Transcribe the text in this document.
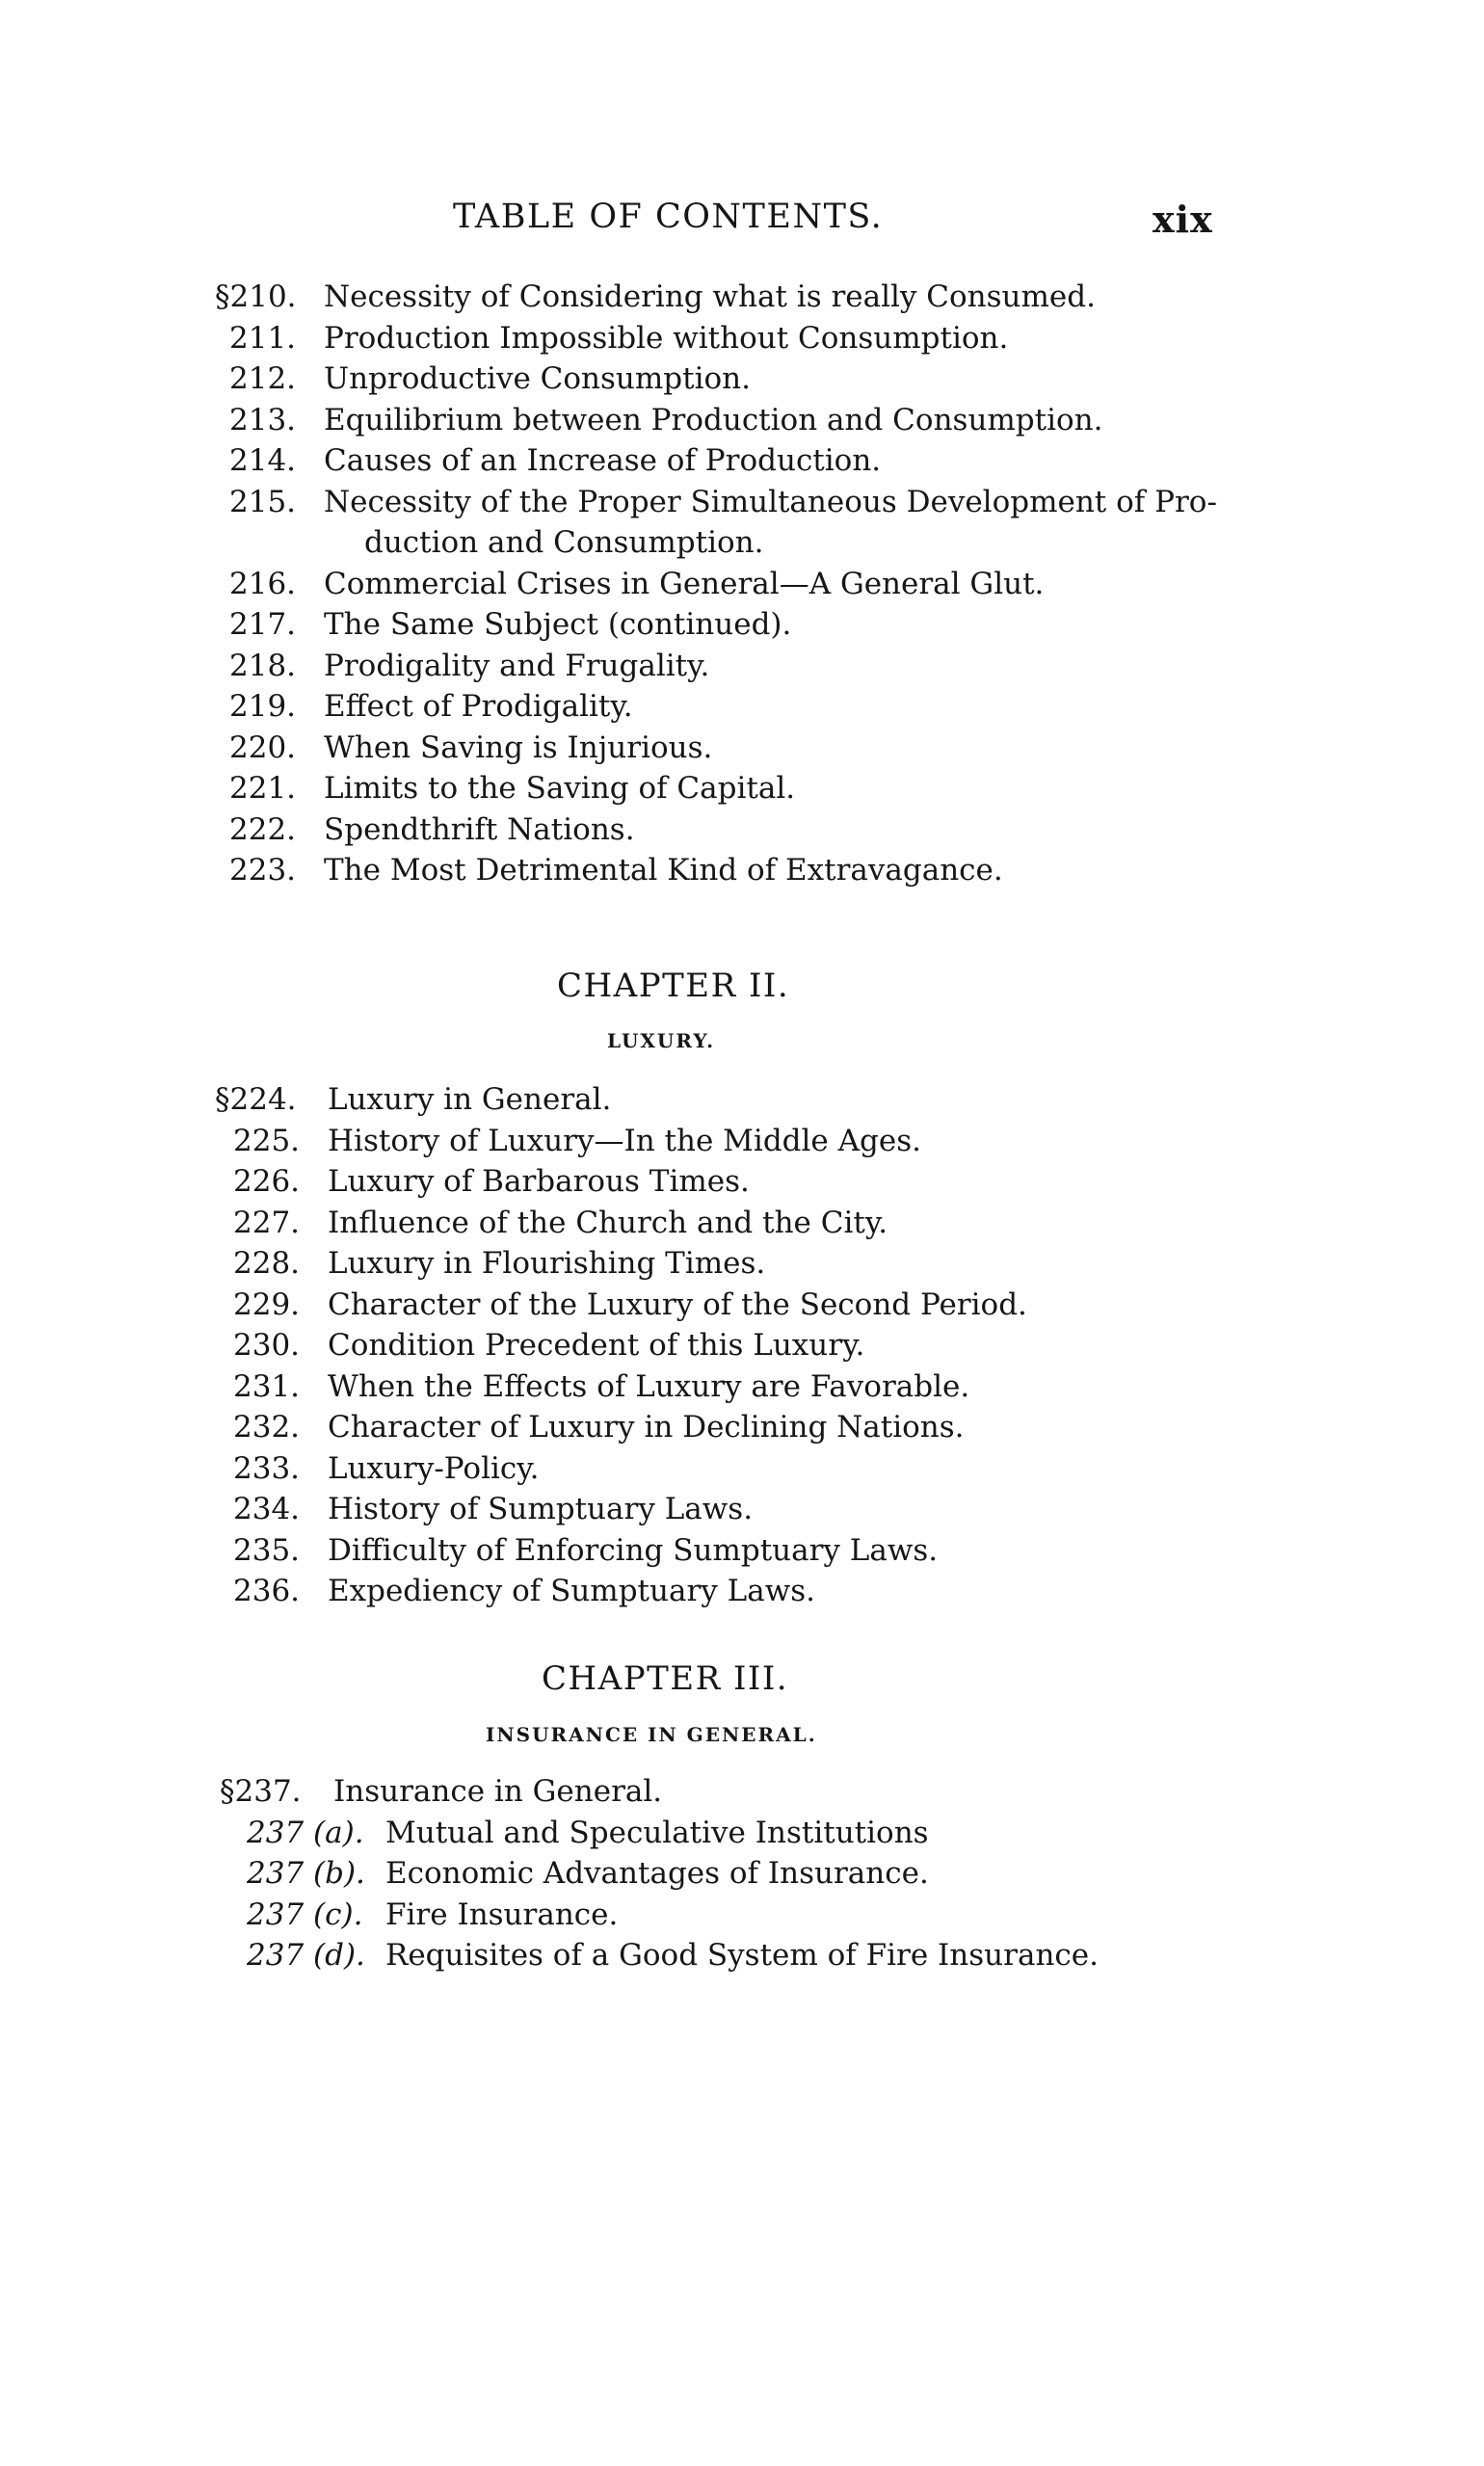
TABLE OF CONTENTS.	xix
§210. Necessity of Considering what is really Consumed.
211. Production Impossible without Consumption.
212. Unproductive Consumption.
213. Equilibrium between Production and Consumption.
214. Causes of an Increase of Production.
215. Necessity of the Proper Simultaneous Development of Pro-
duction and Consumption.
216. Commercial Crises in General—A General Glut.
217. The Same Subject (continued).
218. Prodigality and Frugality.
219. Effect of Prodigality.
220. When Saving is Injurious.
221. Limits to the Saving of Capital.
222. Spendthrift Nations.
223. The Most Detrimental Kind of Extravagance.
CHAPTER II.
LUXURY.
§224. Luxury in General.
225. History of Luxury—In the Middle Ages.
226. Luxury of Barbarous Times.
227. Influence of the Church and the City.
228. Luxury in Flourishing Times.
229. Character of the Luxury of the Second Period.
230. Condition Precedent of this Luxury.
231. When the Effects of Luxury are Favorable.
232. Character of Luxury in Declining Nations.
233. Luxury-Policy.
234. History of Sumptuary Laws.
235. Difficulty of Enforcing Sumptuary Laws.
236. Expediency of Sumptuary Laws.
CHAPTER III.
INSURANCE IN GENERAL.
§237. Insurance in General.
237 (a). Mutual and Speculative Institutions
237 (b). Economic Advantages of Insurance.
237 (c). Fire Insurance.
237 (d). Requisites of a Good System of Fire Insurance.
